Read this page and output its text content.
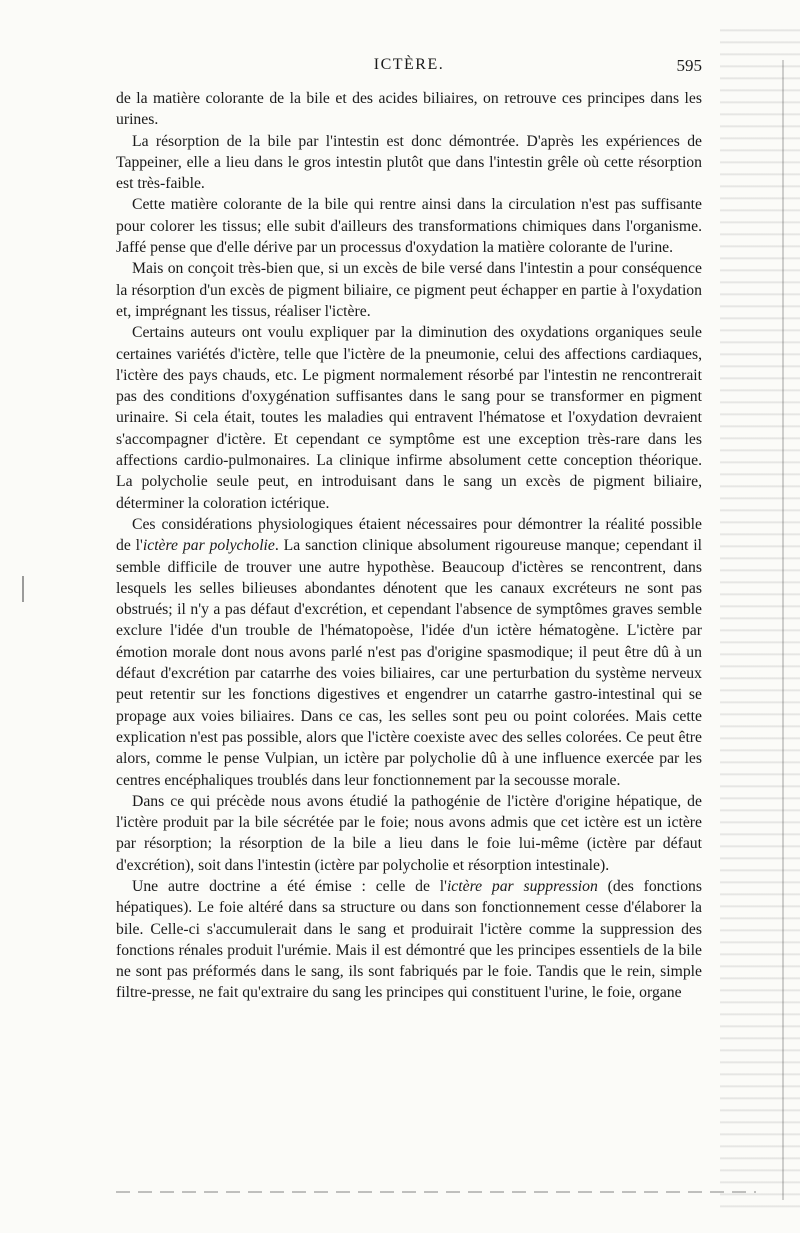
ICTÈRE.	595

de la matière colorante de la bile et des acides biliaires, on retrouve ces principes dans les urines.

La résorption de la bile par l'intestin est donc démontrée. D'après les expériences de Tappeiner, elle a lieu dans le gros intestin plutôt que dans l'intestin grêle où cette résorption est très-faible.

Cette matière colorante de la bile qui rentre ainsi dans la circulation n'est pas suffisante pour colorer les tissus; elle subit d'ailleurs des transformations chimiques dans l'organisme. Jaffé pense que d'elle dérive par un processus d'oxydation la matière colorante de l'urine.

Mais on conçoit très-bien que, si un excès de bile versé dans l'intestin a pour conséquence la résorption d'un excès de pigment biliaire, ce pigment peut échapper en partie à l'oxydation et, imprégnant les tissus, réaliser l'ictère.

Certains auteurs ont voulu expliquer par la diminution des oxydations organiques seule certaines variétés d'ictère, telle que l'ictère de la pneumonie, celui des affections cardiaques, l'ictère des pays chauds, etc. Le pigment normalement résorbé par l'intestin ne rencontrerait pas des conditions d'oxygénation suffisantes dans le sang pour se transformer en pigment urinaire. Si cela était, toutes les maladies qui entravent l'hématose et l'oxydation devraient s'accompagner d'ictère. Et cependant ce symptôme est une exception très-rare dans les affections cardio-pulmonaires. La clinique infirme absolument cette conception théorique. La polycholie seule peut, en introduisant dans le sang un excès de pigment biliaire, déterminer la coloration ictérique.

Ces considérations physiologiques étaient nécessaires pour démontrer la réalité possible de l'ictère par polycholie. La sanction clinique absolument rigoureuse manque; cependant il semble difficile de trouver une autre hypothèse. Beaucoup d'ictères se rencontrent, dans lesquels les selles bilieuses abondantes dénotent que les canaux excréteurs ne sont pas obstrués; il n'y a pas défaut d'excrétion, et cependant l'absence de symptômes graves semble exclure l'idée d'un trouble de l'hématopoèse, l'idée d'un ictère hématogène. L'ictère par émotion morale dont nous avons parlé n'est pas d'origine spasmodique; il peut être dû à un défaut d'excrétion par catarrhe des voies biliaires, car une perturbation du système nerveux peut retentir sur les fonctions digestives et engendrer un catarrhe gastro-intestinal qui se propage aux voies biliaires. Dans ce cas, les selles sont peu ou point colorées. Mais cette explication n'est pas possible, alors que l'ictère coexiste avec des selles colorées. Ce peut être alors, comme le pense Vulpian, un ictère par polycholie dû à une influence exercée par les centres encéphaliques troublés dans leur fonctionnement par la secousse morale.

Dans ce qui précède nous avons étudié la pathogénie de l'ictère d'origine hépatique, de l'ictère produit par la bile sécrétée par le foie; nous avons admis que cet ictère est un ictère par résorption; la résorption de la bile a lieu dans le foie lui-même (ictère par défaut d'excrétion), soit dans l'intestin (ictère par polycholie et résorption intestinale).

Une autre doctrine a été émise : celle de l'ictère par suppression (des fonctions hépatiques). Le foie altéré dans sa structure ou dans son fonctionnement cesse d'élaborer la bile. Celle-ci s'accumulerait dans le sang et produirait l'ictère comme la suppression des fonctions rénales produit l'urémie. Mais il est démontré que les principes essentiels de la bile ne sont pas préformés dans le sang, ils sont fabriqués par le foie. Tandis que le rein, simple filtre-presse, ne fait qu'extraire du sang les principes qui constituent l'urine, le foie, organe
